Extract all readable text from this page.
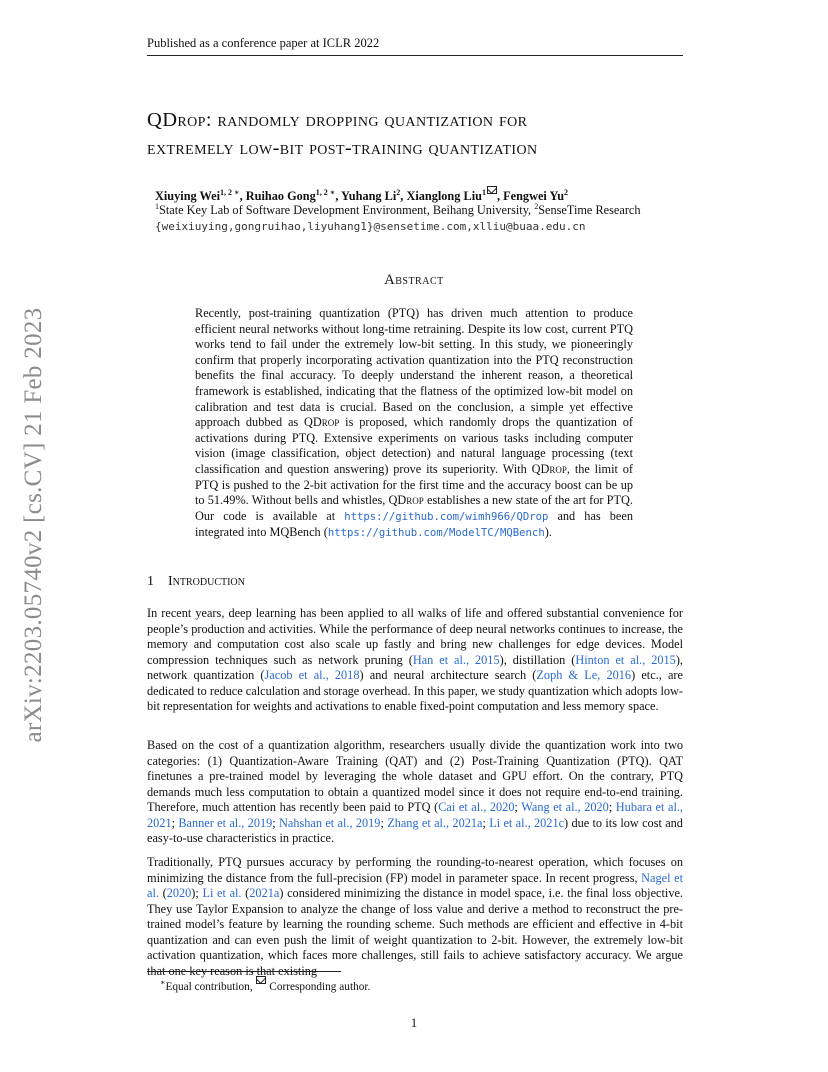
Published as a conference paper at ICLR 2022
arXiv:2203.05740v2 [cs.CV] 21 Feb 2023
QDrop: randomly dropping quantization for
extremely low-bit post-training quantization
Xiuying Wei$^{1, 2 ∗}$, Ruihao Gong$^{1, 2 ∗}$, Yuhang Li$^2$, Xianglong Liu$^1$ , Fengwei Yu$^2$
$^1$State Key Lab of Software Development Environment, Beihang University, $^2$SenseTime Research
{weixiuying,gongruihao,liyuhang1}@sensetime.com,xlliu@buaa.edu.cn
Abstract
Recently, post-training quantization (PTQ) has driven much attention to produce efficient neural networks without long-time retraining. Despite its low cost, current PTQ works tend to fail under the extremely low-bit setting. In this study, we pioneeringly confirm that properly incorporating activation quantization into the PTQ reconstruction benefits the final accuracy. To deeply understand the inherent reason, a theoretical framework is established, indicating that the flatness of the optimized low-bit model on calibration and test data is crucial. Based on the conclusion, a simple yet effective approach dubbed as QDrop is proposed, which randomly drops the quantization of activations during PTQ. Extensive experiments on various tasks including computer vision (image classification, object detection) and natural language processing (text classification and question answering) prove its superiority. With QDrop, the limit of PTQ is pushed to the 2-bit activation for the first time and the accuracy boost can be up to 51.49%. Without bells and whistles, QDrop establishes a new state of the art for PTQ. Our code is available at https://github.com/wimh966/QDrop and has been integrated into MQBench (https://github.com/ModelTC/MQBench).
1 Introduction
In recent years, deep learning has been applied to all walks of life and offered substantial convenience for people’s production and activities. While the performance of deep neural networks continues to increase, the memory and computation cost also scale up fastly and bring new challenges for edge devices. Model compression techniques such as network pruning (Han et al., 2015), distillation (Hinton et al., 2015), network quantization (Jacob et al., 2018) and neural architecture search (Zoph & Le, 2016) etc., are dedicated to reduce calculation and storage overhead. In this paper, we study quantization which adopts low-bit representation for weights and activations to enable fixed-point computation and less memory space.
Based on the cost of a quantization algorithm, researchers usually divide the quantization work into two categories: (1) Quantization-Aware Training (QAT) and (2) Post-Training Quantization (PTQ). QAT finetunes a pre-trained model by leveraging the whole dataset and GPU effort. On the contrary, PTQ demands much less computation to obtain a quantized model since it does not require end-to-end training. Therefore, much attention has recently been paid to PTQ (Cai et al., 2020; Wang et al., 2020; Hubara et al., 2021; Banner et al., 2019; Nahshan et al., 2019; Zhang et al., 2021a; Li et al., 2021c) due to its low cost and easy-to-use characteristics in practice.
Traditionally, PTQ pursues accuracy by performing the rounding-to-nearest operation, which focuses on minimizing the distance from the full-precision (FP) model in parameter space. In recent progress, Nagel et al. (2020); Li et al. (2021a) considered minimizing the distance in model space, i.e. the final loss objective. They use Taylor Expansion to analyze the change of loss value and derive a method to reconstruct the pre-trained model’s feature by learning the rounding scheme. Such methods are efficient and effective in 4-bit quantization and can even push the limit of weight quantization to 2-bit. However, the extremely low-bit activation quantization, which faces more challenges, still fails to achieve satisfactory accuracy. We argue that one key reason is that existing
∗Equal contribution,  Corresponding author.
1
